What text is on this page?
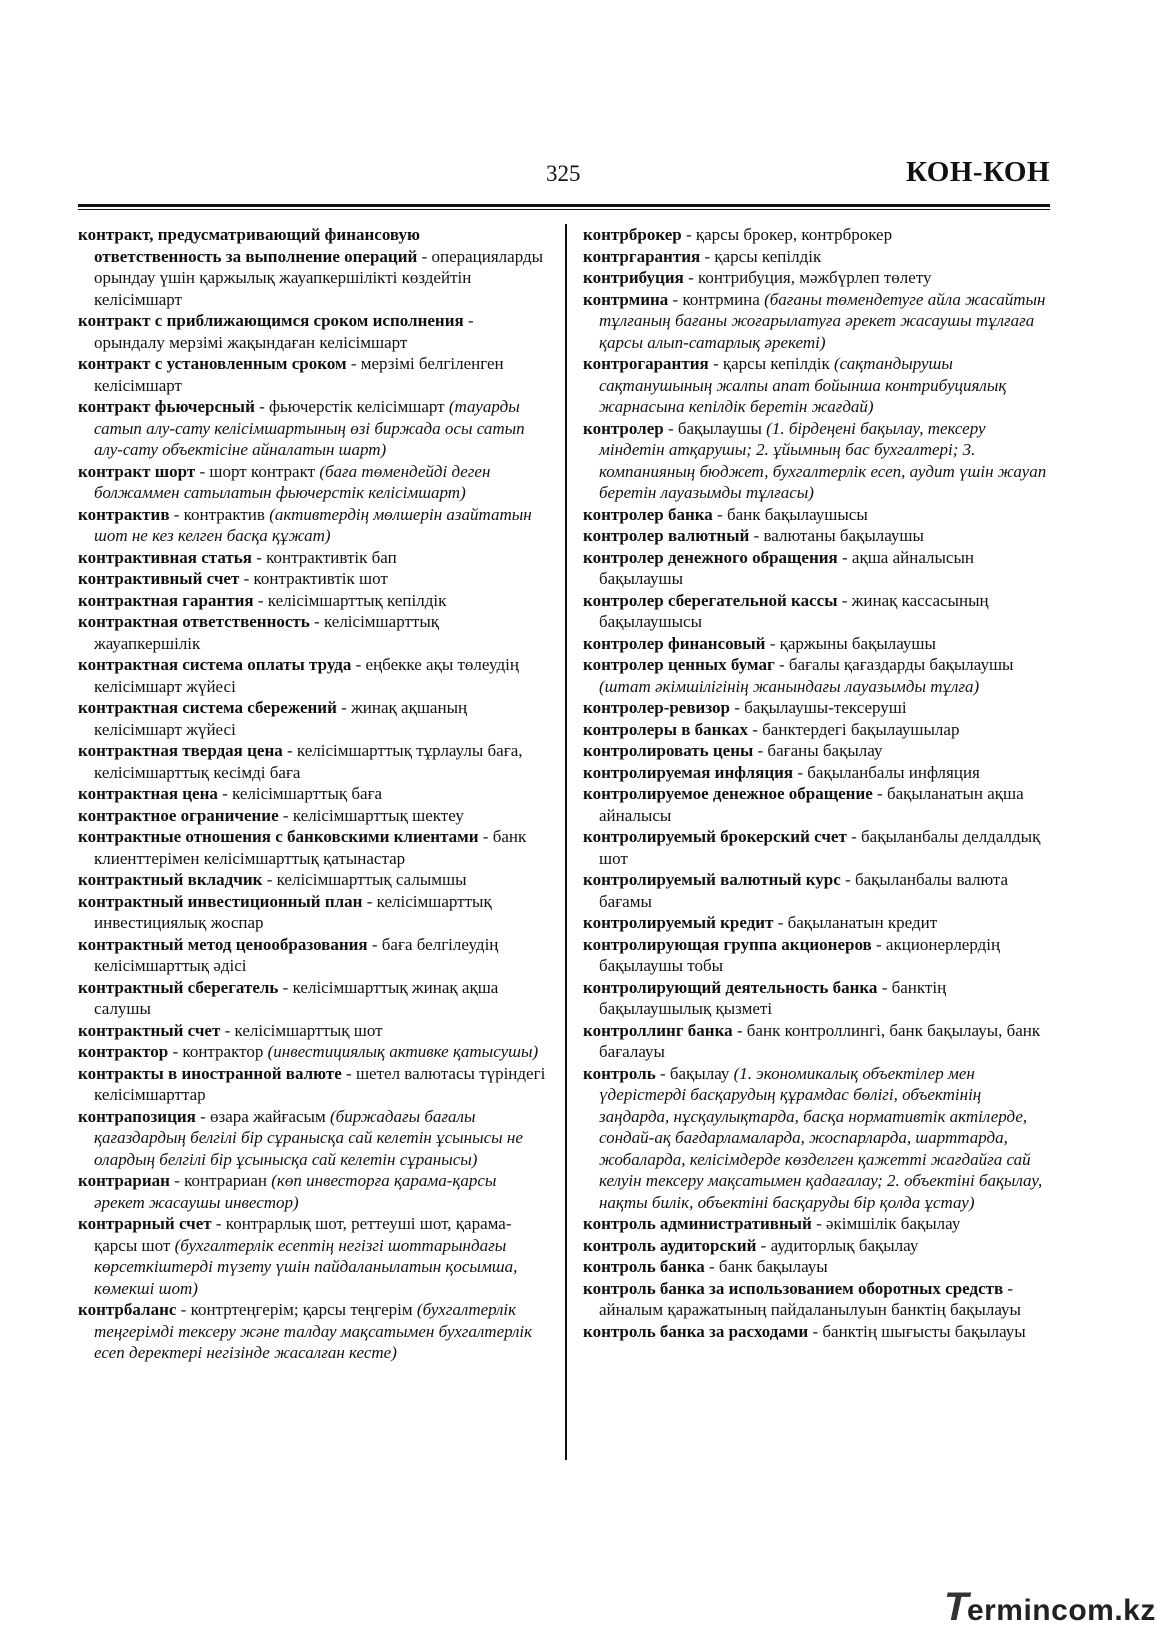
325	КОН-КОН

контракт, предусматривающий финансовую ответственность за выполнение операций - операцияларды орындау үшін қаржылық жауапкершілікті көздейтін келісімшарт

контракт с приближающимся сроком исполнения - орындалу мерзімі жақындаған келісімшарт

контракт с установленным сроком - мерзімі белгіленген келісімшарт

контракт фьючерсный - фьючерстік келісімшарт (тауарды сатып алу-сату келісімшартының өзі биржада осы сатып алу-сату объектісіне айналатын шарт)

контракт шорт - шорт контракт (баға төмендейді деген болжаммен сатылатын фьючерстік келісімшарт)

контрактив - контрактив (активтердің мөлшерін азайтатын шот не кез келген басқа құжат)

контрактивная статья - контрактивтік бап

контрактивный счет - контрактивтік шот

контрактная гарантия - келісімшарттық кепілдік

контрактная ответственность - келісімшарттық жауапкершілік

контрактная система оплаты труда - еңбекке ақы төлеудің келісімшарт жүйесі

контрактная система сбережений - жинақ ақшаның келісімшарт жүйесі

контрактная твердая цена - келісімшарттық тұрлаулы баға, келісімшарттық кесімді баға

контрактная цена - келісімшарттық баға

контрактное ограничение - келісімшарттық шектеу

контрактные отношения с банковскими клиентами - банк клиенттерімен келісімшарттық қатынастар

контрактный вкладчик - келісімшарттық салымшы

контрактный инвестиционный план - келісімшарттық инвестициялық жоспар

контрактный метод ценообразования - баға белгілеудің келісімшарттық әдісі

контрактный сберегатель - келісімшарттық жинақ ақша салушы

контрактный счет - келісімшарттық шот

контрактор - контрактор (инвестициялық активке қатысушы)

контракты в иностранной валюте - шетел валютасы түріндегі келісімшарттар

контрапозиция - өзара жайғасым (биржадағы бағалы қағаздардың белгілі бір сұранысқа сай келетін ұсынысы не олардың белгілі бір ұсынысқа сай келетін сұранысы)

контрариан - контрариан (көп инвесторға қарама-қарсы әрекет жасаушы инвестор)

контрарный счет - контрарлық шот, реттеуші шот, қарама-қарсы шот (бухгалтерлік есептің негізгі шоттарындағы көрсеткіштерді түзету үшін пайдаланылатын қосымша, көмекші шот)

контрбаланс - контртеңгерім; қарсы теңгерім (бухгалтерлік теңгерімді тексеру және талдау мақсатымен бухгалтерлік есеп деректері негізінде жасалған кесте)

контрброкер - қарсы брокер, контрброкер

контргарантия - қарсы кепілдік

контрибуция - контрибуция, мәжбүрлеп төлету

контрмина - контрмина (бағаны төмендетуге айла жасайтын тұлғаның бағаны жоғарылатуға әрекет жасаушы тұлғаға қарсы алып-сатарлық әрекеті)

контрогарантия - қарсы кепілдік (сақтандырушы сақтанушының жалпы апат бойынша контрибуциялық жарнасына кепілдік беретін жағдай)

контролер - бақылаушы (1. бірдеңені бақылау, тексеру міндетін атқарушы; 2. ұйымның бас бухгалтері; 3. компанияның бюджет, бухгалтерлік есеп, аудит үшін жауап беретін лауазымды тұлғасы)

контролер банка - банк бақылаушысы

контролер валютный - валютаны бақылаушы

контролер денежного обращения - ақша айналысын бақылаушы

контролер сберегательной кассы - жинақ кассасының бақылаушысы

контролер финансовый - қаржыны бақылаушы

контролер ценных бумаг - бағалы қағаздарды бақылаушы (штат әкімшілігінің жанындағы лауазымды тұлға)

контролер-ревизор - бақылаушы-тексеруші

контролеры в банках - банктердегі бақылаушылар

контролировать цены - бағаны бақылау

контролируемая инфляция - бақыланбалы инфляция

контролируемое денежное обращение - бақыланатын ақша айналысы

контролируемый брокерский счет - бақыланбалы делдалдық шот

контролируемый валютный курс - бақыланбалы валюта бағамы

контролируемый кредит - бақыланатын кредит

контролирующая группа акционеров - акционерлердің бақылаушы тобы

контролирующий деятельность банка - банктің бақылаушылық қызметі

контроллинг банка - банк контроллингі, банк бақылауы, банк бағалауы

контроль - бақылау (1. экономикалық объектілер мен үдерістерді басқарудың құрамдас бөлігі, объектінің заңдарда, нұсқаулықтарда, басқа нормативтік актілерде, сондай-ақ бағдарламаларда, жоспарларда, шарттарда, жобаларда, келісімдерде көзделген қажетті жағдайға сай келуін тексеру мақсатымен қадағалау; 2. объектіні бақылау, нақты билік, объектіні басқаруды бір қолда ұстау)

контроль административный - әкімшілік бақылау

контроль аудиторский - аудиторлық бақылау

контроль банка - банк бақылауы

контроль банка за использованием оборотных средств - айналым қаражатының пайдаланылуын банктің бақылауы

контроль банка за расходами - банктің шығысты бақылауы

Termincom.kz
